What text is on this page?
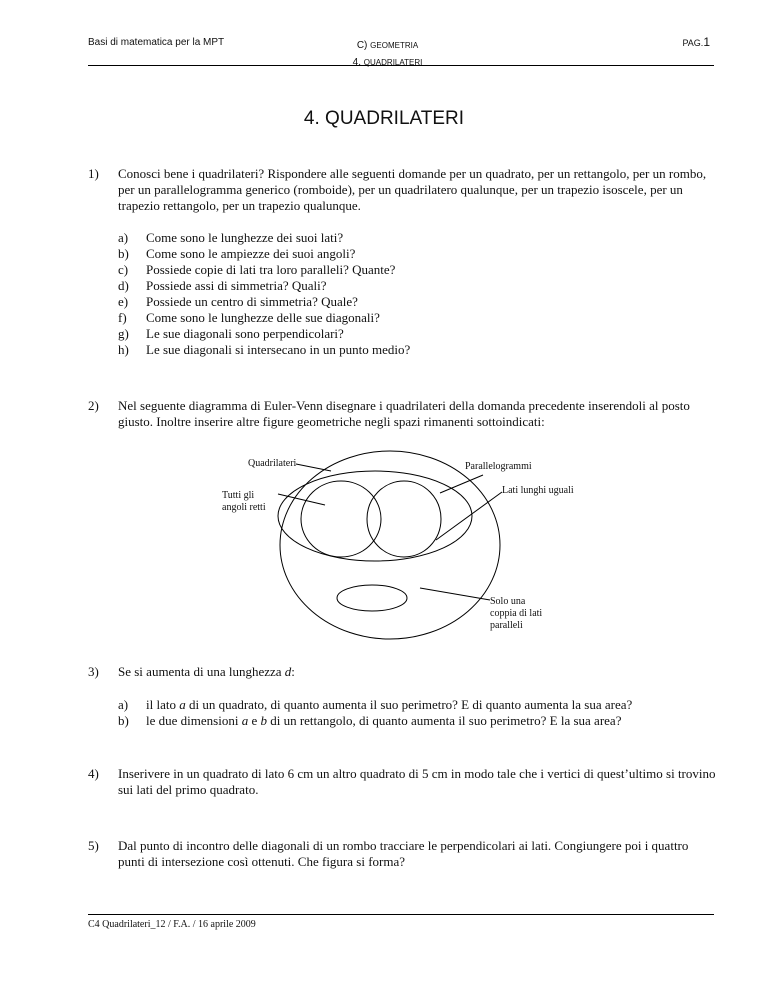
Basi di matematica per la MPT	C) GEOMETRIA
4. QUADRILATERI
PAG.1
4. QUADRILATERI
1) Conosci bene i quadrilateri? Rispondere alle seguenti domande per un quadrato, per un rettangolo, per un rombo, per un parallelogramma generico (romboide), per un quadrilatero qualunque, per un trapezio isoscele, per un trapezio rettangolo, per un trapezio qualunque.
a)	Come sono le lunghezze dei suoi lati?
b)	Come sono le ampiezze dei suoi angoli?
c)	Possiede copie di lati tra loro paralleli? Quante?
d)	Possiede assi di simmetria? Quali?
e)	Possiede un centro di simmetria? Quale?
f)	Come sono le lunghezze delle sue diagonali?
g)	Le sue diagonali sono perpendicolari?
h)	Le sue diagonali si intersecano in un punto medio?
2) Nel seguente diagramma di Euler-Venn disegnare i quadrilateri della domanda precedente inserendoli al posto giusto. Inoltre inserire altre figure geometriche negli spazi rimanenti sottoindicati:
Quadrilateri	Parallelogrammi
Tutti gli
angoli retti
Lati lunghi uguali
Solo una
coppia di lati
paralleli
3) Se si aumenta di una lunghezza d:
a)	il lato a di un quadrato, di quanto aumenta il suo perimetro? E di quanto aumenta la sua area?
b)	le due dimensioni a e b di un rettangolo, di quanto aumenta il suo perimetro? E la sua area?
4) Inserivere in un quadrato di lato 6 cm un altro quadrato di 5 cm in modo tale che i vertici di quest’ultimo si trovino sui lati del primo quadrato.
5) Dal punto di incontro delle diagonali di un rombo tracciare le perpendicolari ai lati. Congiungere poi i quattro punti di intersezione così ottenuti. Che figura si forma?
C4 Quadrilateri_12 / F.A. / 16 aprile 2009
